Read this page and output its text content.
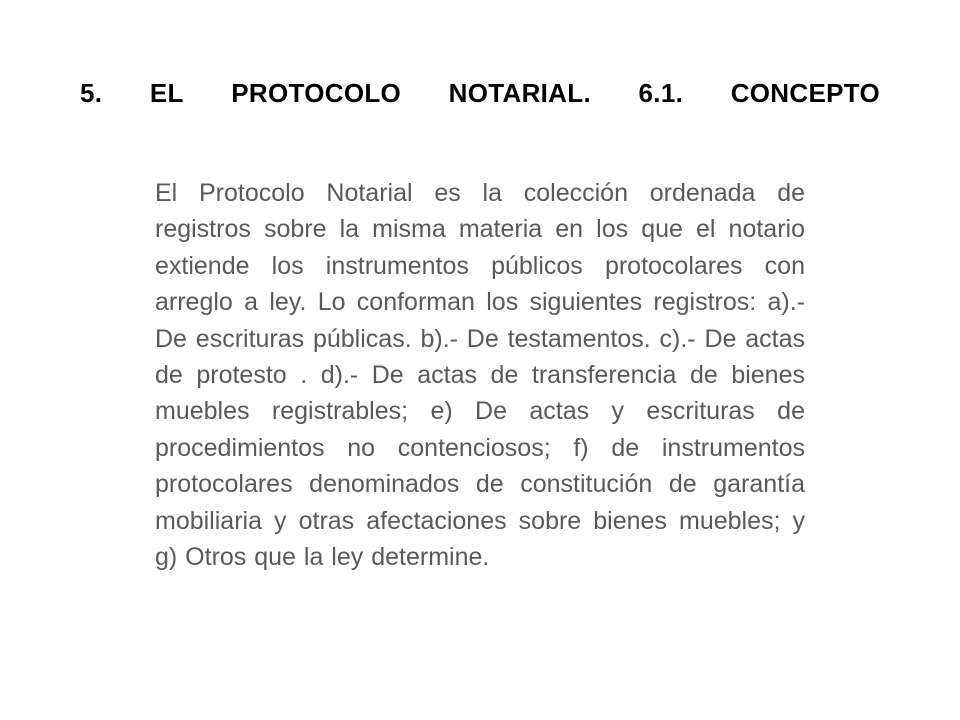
5. EL PROTOCOLO NOTARIAL. 6.1. CONCEPTO

El Protocolo Notarial es la colección ordenada de registros sobre la misma materia en los que el notario extiende los instrumentos públicos protocolares con arreglo a ley. Lo conforman los siguientes registros: a).- De escrituras públicas. b).- De testamentos. c).- De actas de protesto . d).- De actas de transferencia de bienes muebles registrables; e) De actas y escrituras de procedimientos no contenciosos; f) de instrumentos protocolares denominados de constitución de garantía mobiliaria y otras afectaciones sobre bienes muebles; y g) Otros que la ley determine.
